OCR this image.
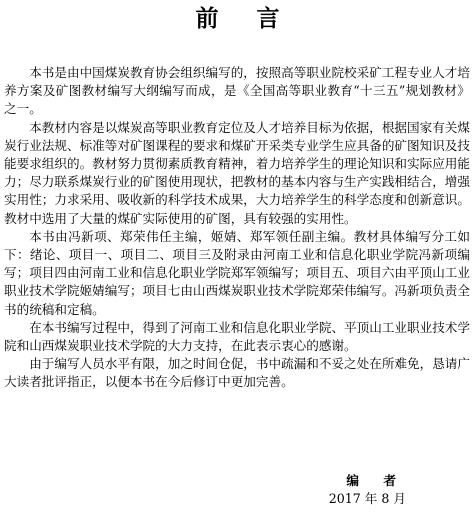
前 言

本书是由中国煤炭教育协会组织编写的，按照高等职业院校采矿工程专业人才培养方案及矿图教材编写大纲编写而成，是《全国高等职业教育“十三五”规划教材》之一。

本教材内容是以煤炭高等职业教育定位及人才培养目标为依据，根据国家有关煤炭行业法规、标准等对矿图课程的要求和煤矿开采类专业学生应具备的矿图知识及技能要求组织的。教材努力贯彻素质教育精神，着力培养学生的理论知识和实际应用能力；尽力联系煤炭行业的矿图使用现状，把教材的基本内容与生产实践相结合，增强实用性；力求采用、吸收新的科学技术成果，大力培养学生的科学态度和创新意识。教材中选用了大量的煤矿实际使用的矿图，具有较强的实用性。

本书由冯新项、郑荣伟任主编，姬婧、郑军领任副主编。教材具体编写分工如下：绪论、项目一、项目二、项目三及附录由河南工业和信息化职业学院冯新项编写；项目四由河南工业和信息化职业学院郑军领编写；项目五、项目六由平顶山工业职业技术学院姬婧编写；项目七由山西煤炭职业技术学院郑荣伟编写。冯新项负责全书的统稿和定稿。

在本书编写过程中，得到了河南工业和信息化职业学院、平顶山工业职业技术学院和山西煤炭职业技术学院的大力支持，在此表示衷心的感谢。

由于编写人员水平有限，加之时间仓促，书中疏漏和不妥之处在所难免，恳请广大读者批评指正，以便本书在今后修订中更加完善。

编 者
2017 年 8 月
